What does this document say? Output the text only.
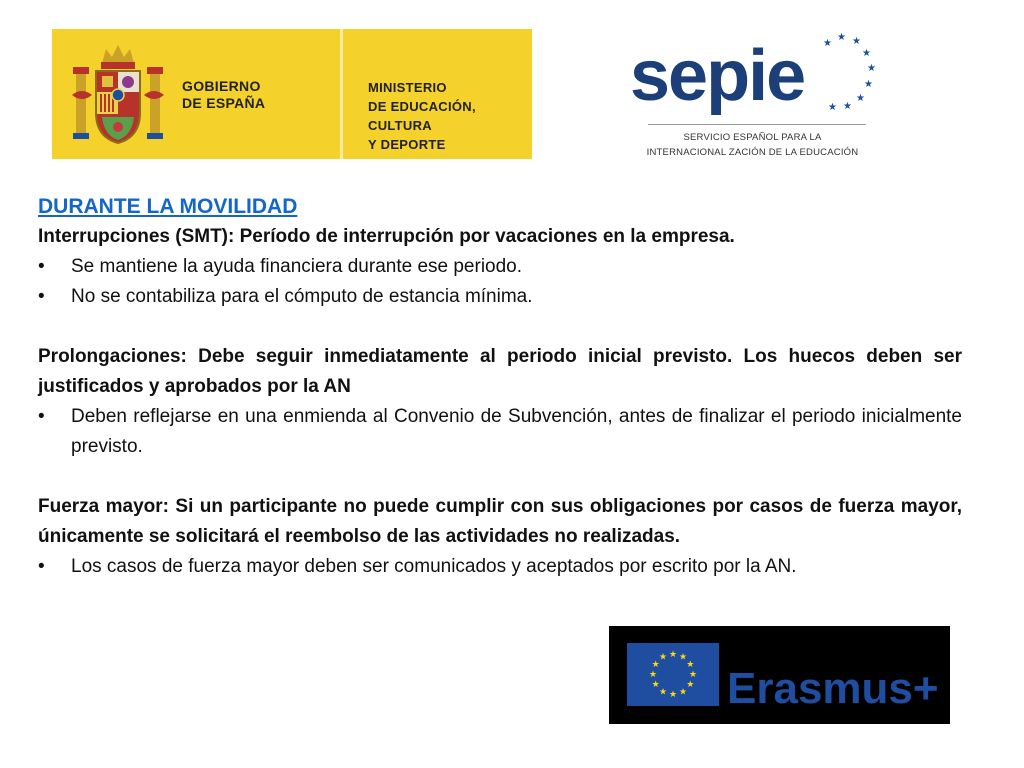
GOBIERNO
DE ESPAÑA
MINISTERIO
DE EDUCACIÓN, CULTURA
Y DEPORTE
sepie ★
★ ★
★
★
★
★
★
★
SERVICIO ESPAÑOL PARA LA
INTERNACIONAL ZACIÓN DE LA EDUCACIÓN
DURANTE LA MOVILIDAD

Interrupciones (SMT): Período de interrupción por vacaciones en la empresa.

• Se mantiene la ayuda financiera durante ese periodo.
• No se contabiliza para el cómputo de estancia mínima.

Prolongaciones: Debe seguir inmediatamente al periodo inicial previsto. Los huecos deben ser justificados y aprobados por la AN

• Deben reflejarse en una enmienda al Convenio de Subvención, antes de finalizar el periodo inicialmente previsto.

Fuerza mayor: Si un participante no puede cumplir con sus obligaciones por casos de fuerza mayor, únicamente se solicitará el reembolso de las actividades no realizadas.

• Los casos de fuerza mayor deben ser comunicados y aceptados por escrito por la AN.
★ ★
★
★
★
★
★
★
★
★
★
★
Erasmus+
